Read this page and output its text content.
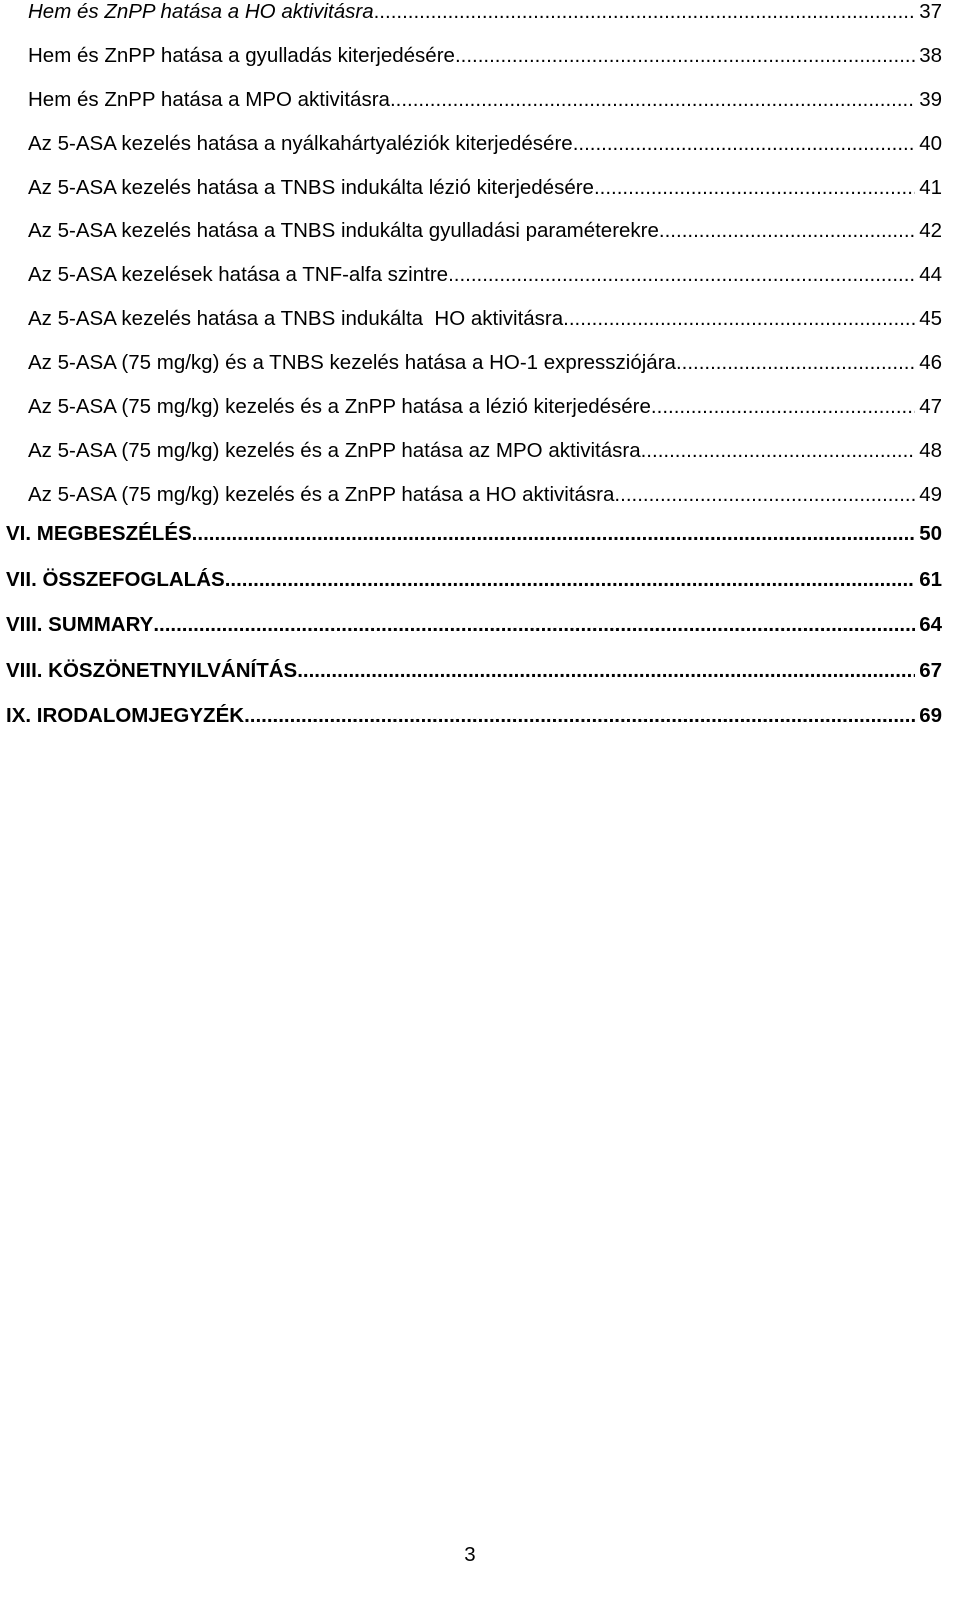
Hem és ZnPP hatása a HO aktivitásra .....	37
Hem és ZnPP hatása a gyulladás kiterjedésére .....	38
Hem és ZnPP hatása a MPO aktivitásra .....	39
Az 5-ASA kezelés hatása a nyálkahártyaléziók kiterjedésére .....	40
Az 5-ASA kezelés hatása a TNBS indukálta lézió kiterjedésére .....	41
Az 5-ASA kezelés hatása a TNBS indukálta gyulladási paraméterekre .....	42
Az 5-ASA kezelések hatása a TNF-alfa szintre .....	44
Az 5-ASA kezelés hatása a TNBS indukálta  HO aktivitásra .....	45
Az 5-ASA (75 mg/kg) és a TNBS kezelés hatása a HO-1 expressziójára .....	46
Az 5-ASA (75 mg/kg) kezelés és a ZnPP hatása a lézió kiterjedésére .....	47
Az 5-ASA (75 mg/kg) kezelés és a ZnPP hatása az MPO aktivitásra .....	48
Az 5-ASA (75 mg/kg) kezelés és a ZnPP hatása a HO aktivitásra .....	49
VI. MEGBESZÉLÉS .....	50
VII. ÖSSZEFOGLALÁS .....	61
VIII. SUMMARY .....	64
VIII. KÖSZÖNETNYILVÁNÍTÁS .....	67
IX. IRODALOMJEGYZÉK .....	69
3
